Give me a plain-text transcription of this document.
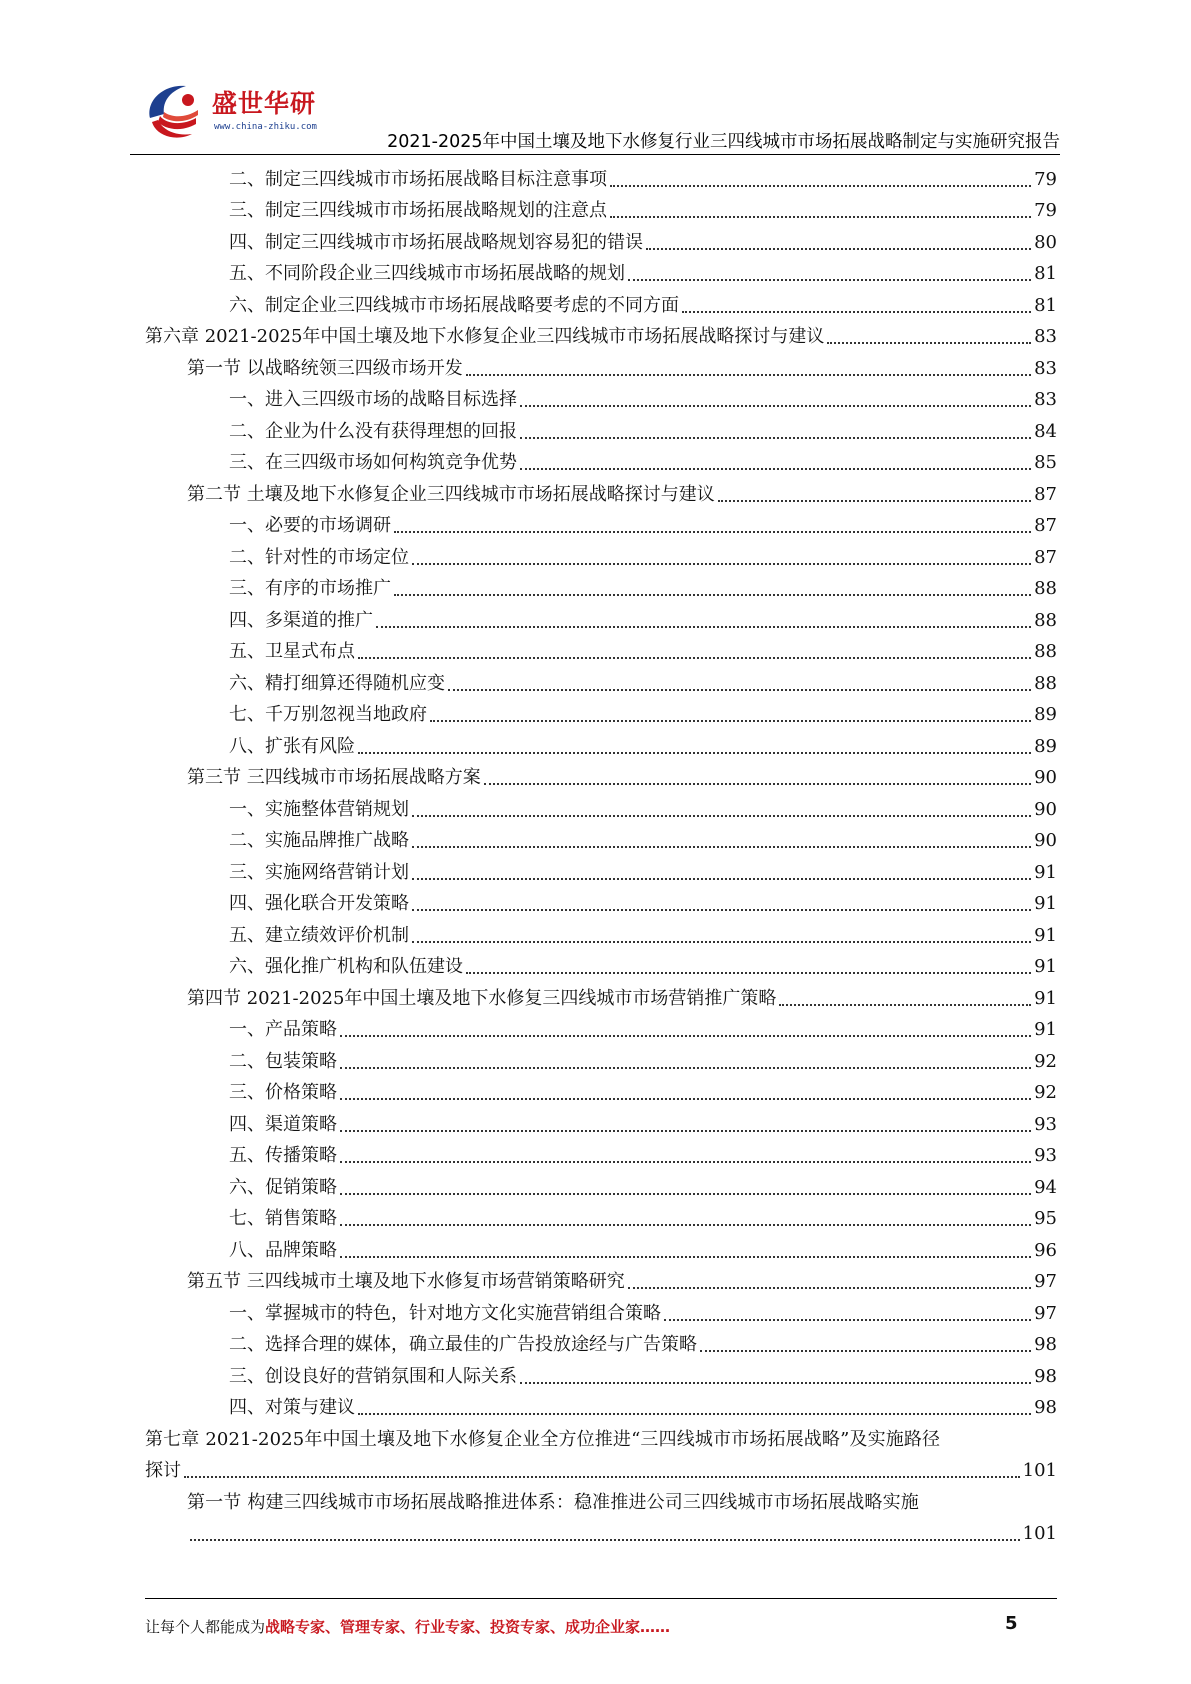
盛世华研
www.china-zhiku.com
2021-2025年中国土壤及地下水修复行业三四线城市市场拓展战略制定与实施研究报告
二、制定三四线城市市场拓展战略目标注意事项	79
三、制定三四线城市市场拓展战略规划的注意点	79
四、制定三四线城市市场拓展战略规划容易犯的错误	80
五、不同阶段企业三四线城市市场拓展战略的规划	81
六、制定企业三四线城市市场拓展战略要考虑的不同方面	81
第六章 2021-2025年中国土壤及地下水修复企业三四线城市市场拓展战略探讨与建议	83
第一节 以战略统领三四级市场开发	83
一、进入三四级市场的战略目标选择	83
二、企业为什么没有获得理想的回报	84
三、在三四级市场如何构筑竞争优势	85
第二节 土壤及地下水修复企业三四线城市市场拓展战略探讨与建议	87
一、必要的市场调研	87
二、针对性的市场定位	87
三、有序的市场推广	88
四、多渠道的推广	88
五、卫星式布点	88
六、精打细算还得随机应变	88
七、千万别忽视当地政府	89
八、扩张有风险	89
第三节 三四线城市市场拓展战略方案	90
一、实施整体营销规划	90
二、实施品牌推广战略	90
三、实施网络营销计划	91
四、强化联合开发策略	91
五、建立绩效评价机制	91
六、强化推广机构和队伍建设	91
第四节 2021-2025年中国土壤及地下水修复三四线城市市场营销推广策略	91
一、产品策略	91
二、包装策略	92
三、价格策略	92
四、渠道策略	93
五、传播策略	93
六、促销策略	94
七、销售策略	95
八、品牌策略	96
第五节 三四线城市土壤及地下水修复市场营销策略研究	97
一、掌握城市的特色，针对地方文化实施营销组合策略	97
二、选择合理的媒体，确立最佳的广告投放途经与广告策略	98
三、创设良好的营销氛围和人际关系	98
四、对策与建议	98
第七章 2021-2025年中国土壤及地下水修复企业全方位推进“三四线城市市场拓展战略”及实施路径
探讨	101
第一节 构建三四线城市市场拓展战略推进体系：稳准推进公司三四线城市市场拓展战略实施
101
让每个人都能成为战略专家、管理专家、行业专家、投资专家、成功企业家……	5
